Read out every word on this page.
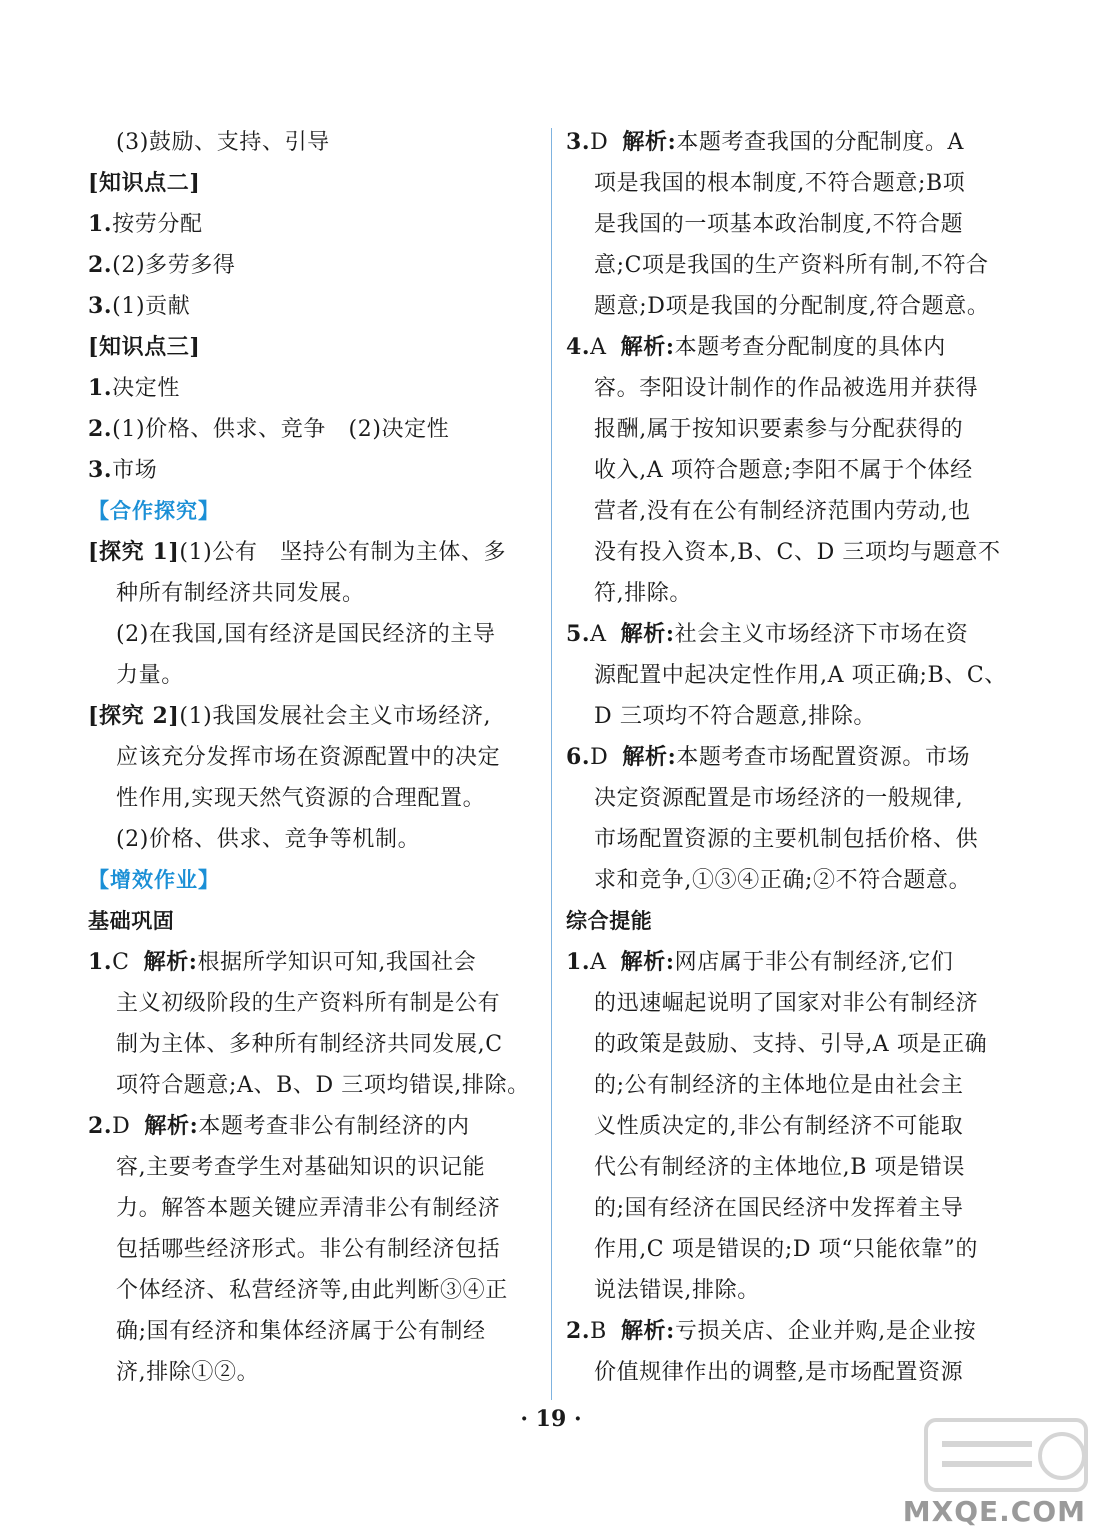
(3)鼓励、支持、引导
[知识点二]
1.按劳分配
2.(2)多劳多得
3.(1)贡献
[知识点三]
1.决定性
2.(1)价格、供求、竞争　(2)决定性
3.市场
【合作探究】
[探究 1](1)公有　坚持公有制为主体、多
种所有制经济共同发展。
(2)在我国,国有经济是国民经济的主导
力量。
[探究 2](1)我国发展社会主义市场经济,
应该充分发挥市场在资源配置中的决定
性作用,实现天然气资源的合理配置。
(2)价格、供求、竞争等机制。
【增效作业】
基础巩固
1.C 解析:根据所学知识可知,我国社会
主义初级阶段的生产资料所有制是公有
制为主体、多种所有制经济共同发展,C
项符合题意;A、B、D 三项均错误,排除。
2.D 解析:本题考查非公有制经济的内
容,主要考查学生对基础知识的识记能
力。解答本题关键应弄清非公有制经济
包括哪些经济形式。非公有制经济包括
个体经济、私营经济等,由此判断③④正
确;国有经济和集体经济属于公有制经
济,排除①②。
3.D 解析:本题考查我国的分配制度。A
项是我国的根本制度,不符合题意;B项
是我国的一项基本政治制度,不符合题
意;C项是我国的生产资料所有制,不符合
题意;D项是我国的分配制度,符合题意。
4.A 解析:本题考查分配制度的具体内
容。李阳设计制作的作品被选用并获得
报酬,属于按知识要素参与分配获得的
收入,A 项符合题意;李阳不属于个体经
营者,没有在公有制经济范围内劳动,也
没有投入资本,B、C、D 三项均与题意不
符,排除。
5.A 解析:社会主义市场经济下市场在资
源配置中起决定性作用,A 项正确;B、C、
D 三项均不符合题意,排除。
6.D 解析:本题考查市场配置资源。市场
决定资源配置是市场经济的一般规律,
市场配置资源的主要机制包括价格、供
求和竞争,①③④正确;②不符合题意。
综合提能
1.A 解析:网店属于非公有制经济,它们
的迅速崛起说明了国家对非公有制经济
的政策是鼓励、支持、引导,A 项是正确
的;公有制经济的主体地位是由社会主
义性质决定的,非公有制经济不可能取
代公有制经济的主体地位,B 项是错误
的;国有经济在国民经济中发挥着主导
作用,C 项是错误的;D 项“只能依靠”的
说法错误,排除。
2.B 解析:亏损关店、企业并购,是企业按
价值规律作出的调整,是市场配置资源
· 19 ·
MXQE.COM
